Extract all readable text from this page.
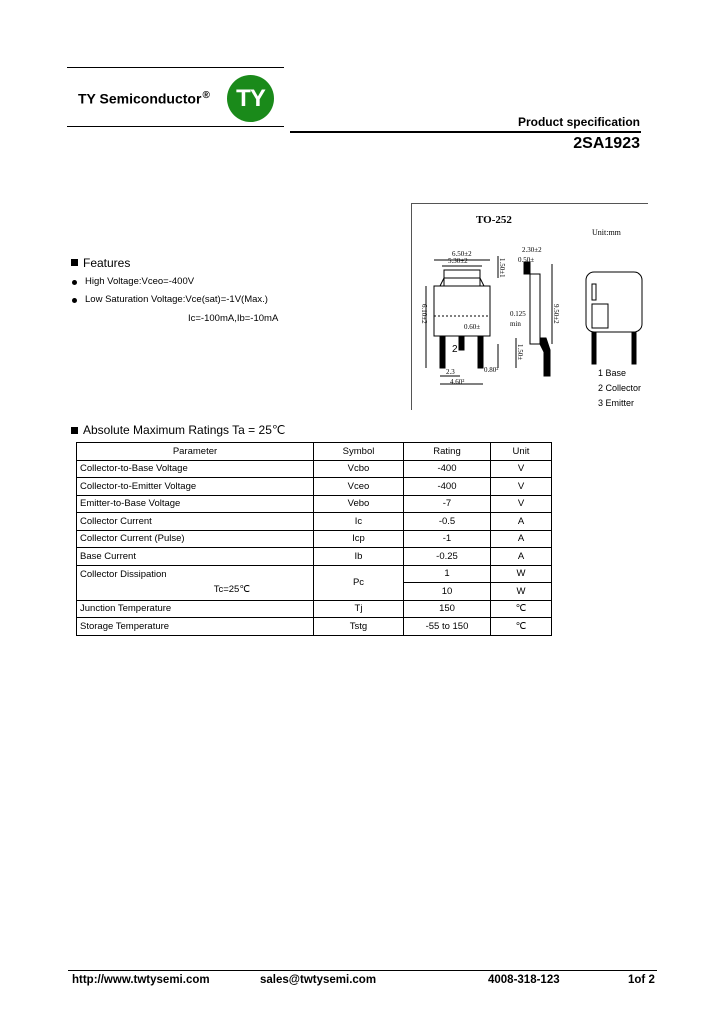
TY Semiconductor®	TY
Product specification
2SA1923
6.50±2
5.30±2	1.50±1
2.30±2
0.50±
0.125
min
0.60±
0.80²
2.3
4.60²
6.10±2	9.50±2
1.50±
2
TO-252
Unit:mm
1 Base
2 Collector
3 Emitter
Features
High Voltage:Vceo=-400V
Low Saturation Voltage:Vce(sat)=-1V(Max.)
Ic=-100mA,Ib=-10mA
Absolute Maximum Ratings Ta = 25℃
Parameter	Symbol	Rating	Unit
Collector-to-Base Voltage	Vcbo	-400	V
Collector-to-Emitter Voltage	Vceo	-400	V
Emitter-to-Base Voltage	Vebo	-7	V
Collector Current	Ic	-0.5	A
Collector Current (Pulse)	Icp	-1	A
Base Current	Ib	-0.25	A

Collector Dissipation
Tc=25℃	Pc	1	W
		10	W
Junction Temperature	Tj	150	℃
Storage Temperature	Tstg	-55 to 150	℃
http://www.twtysemi.com	sales@twtysemi.com	4008-318-123	1of 2
